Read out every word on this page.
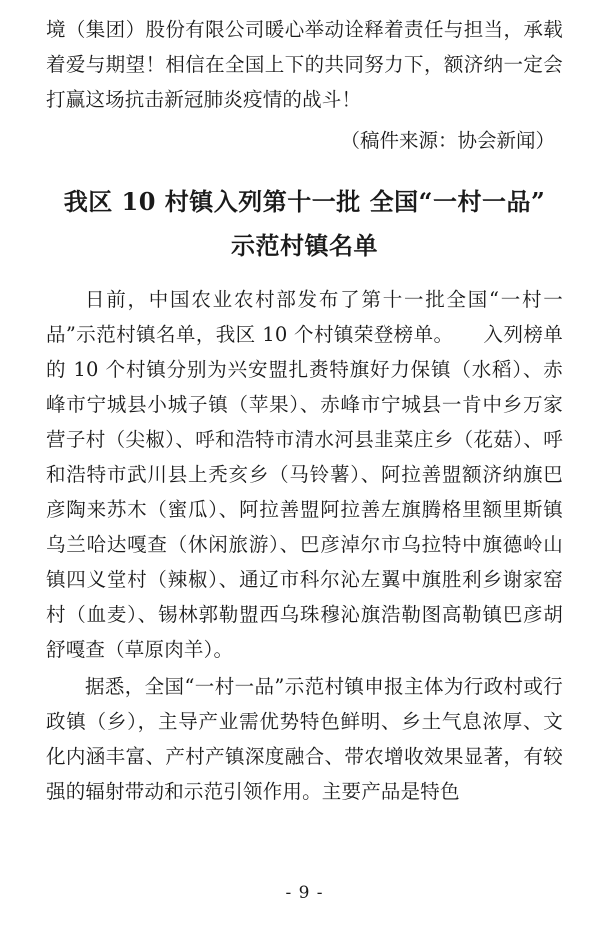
境（集团）股份有限公司暖心举动诠释着责任与担当，承载着爱与期望！相信在全国上下的共同努力下，额济纳一定会打赢这场抗击新冠肺炎疫情的战斗！

（稿件来源：协会新闻）

我区 10 村镇入列第十一批 全国“一村一品”
示范村镇名单

日前，中国农业农村部发布了第十一批全国“一村一品”示范村镇名单，我区 10 个村镇荣登榜单。　　入列榜单的 10 个村镇分别为兴安盟扎赉特旗好力保镇（水稻）、赤峰市宁城县小城子镇（苹果）、赤峰市宁城县一肯中乡万家营子村（尖椒）、呼和浩特市清水河县韭菜庄乡（花菇）、呼和浩特市武川县上秃亥乡（马铃薯）、阿拉善盟额济纳旗巴彦陶来苏木（蜜瓜）、阿拉善盟阿拉善左旗腾格里额里斯镇乌兰哈达嘎查（休闲旅游）、巴彦淖尔市乌拉特中旗德岭山镇四义堂村（辣椒）、通辽市科尔沁左翼中旗胜利乡谢家窑村（血麦）、锡林郭勒盟西乌珠穆沁旗浩勒图高勒镇巴彦胡舒嘎查（草原肉羊）。

据悉，全国“一村一品”示范村镇申报主体为行政村或行政镇（乡），主导产业需优势特色鲜明、乡土气息浓厚、文化内涵丰富、产村产镇深度融合、带农增收效果显著，有较强的辐射带动和示范引领作用。主要产品是特色

- 9 -
